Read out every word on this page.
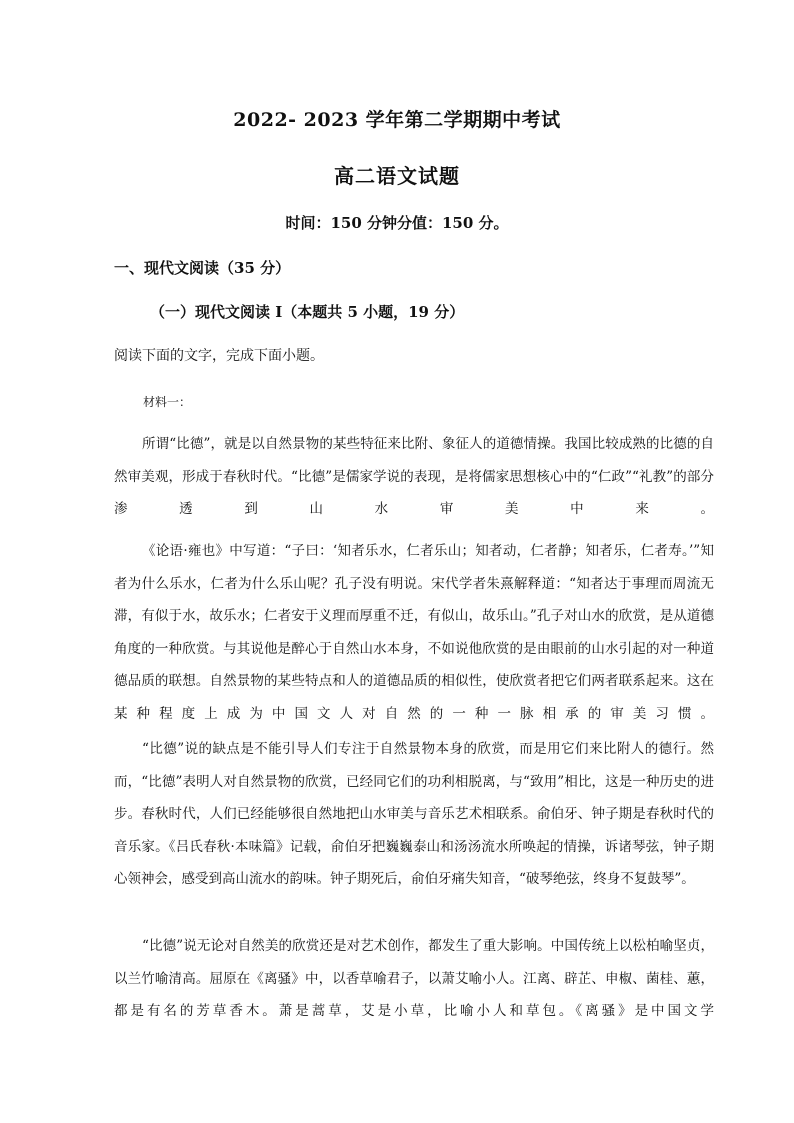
2022- 2023 学年第二学期期中考试
高二语文试题
时间：150 分钟分值：150 分。
一、现代文阅读（35 分）
（一）现代文阅读 I（本题共 5 小题，19 分）
阅读下面的文字，完成下面小题。
材料一：

所谓“比德”，就是以自然景物的某些特征来比附、象征人的道德情操。我国比较成熟的比德的自然审美观，形成于春秋时代。“比德”是儒家学说的表现，是将儒家思想核心中的“仁政”“礼教”的部分渗透到山水审美中来。

《论语·雍也》中写道：“子曰：‘知者乐水，仁者乐山；知者动，仁者静；知者乐，仁者寿。’”知者为什么乐水，仁者为什么乐山呢？孔子没有明说。宋代学者朱熹解释道：“知者达于事理而周流无滞，有似于水，故乐水；仁者安于义理而厚重不迁，有似山，故乐山。”孔子对山水的欣赏，是从道德角度的一种欣赏。与其说他是醉心于自然山水本身，不如说他欣赏的是由眼前的山水引起的对一种道德品质的联想。自然景物的某些特点和人的道德品质的相似性，使欣赏者把它们两者联系起来。这在某种程度上成为中国文人对自然的一种一脉相承的审美习惯。

“比德”说的缺点是不能引导人们专注于自然景物本身的欣赏，而是用它们来比附人的德行。然而，“比德”表明人对自然景物的欣赏，已经同它们的功利相脱离，与“致用”相比，这是一种历史的进步。春秋时代，人们已经能够很自然地把山水审美与音乐艺术相联系。俞伯牙、钟子期是春秋时代的音乐家。《吕氏春秋·本味篇》记载，俞伯牙把巍巍泰山和汤汤流水所唤起的情操，诉诸琴弦，钟子期心领神会，感受到高山流水的韵味。钟子期死后，俞伯牙痛失知音，“破琴绝弦，终身不复鼓琴”。

“比德”说无论对自然美的欣赏还是对艺术创作，都发生了重大影响。中国传统上以松柏喻坚贞，以兰竹喻清高。屈原在《离骚》中，以香草喻君子，以萧艾喻小人。江离、辟芷、申椒、菌桂、蕙，都是有名的芳草香木。萧是蒿草，艾是小草，比喻小人和草包。《离骚》是中国文学
